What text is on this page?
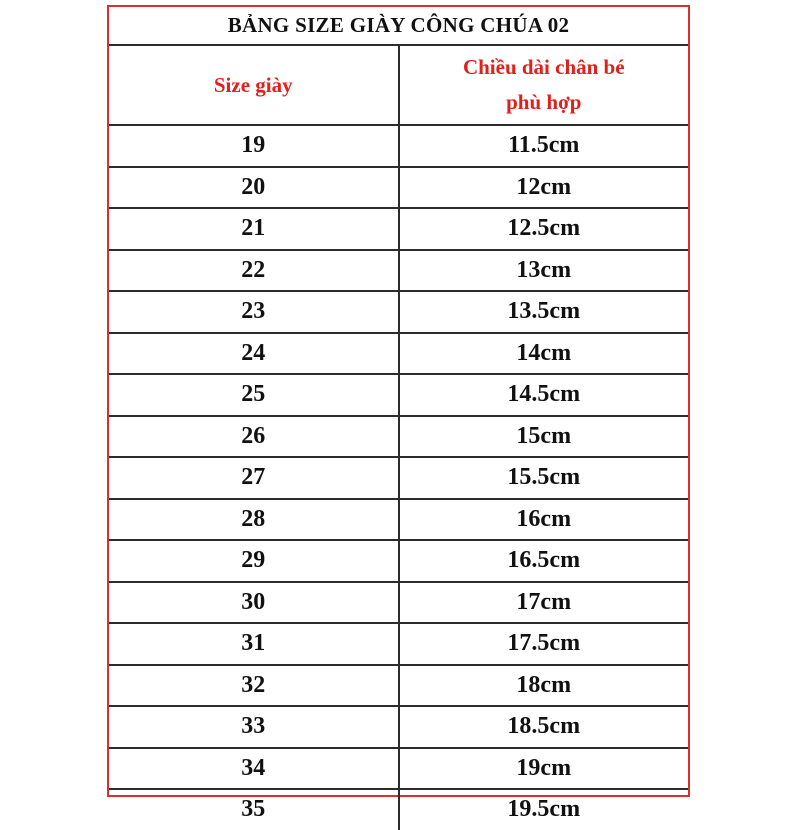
BẢNG SIZE GIÀY CÔNG CHÚA 02	
Size giày	Chiều dài chân bé
phù hợp
19	11.5cm
20	12cm
21	12.5cm
22	13cm
23	13.5cm
24	14cm
25	14.5cm
26	15cm
27	15.5cm
28	16cm
29	16.5cm
30	17cm
31	17.5cm
32	18cm
33	18.5cm
34	19cm
35	19.5cm
